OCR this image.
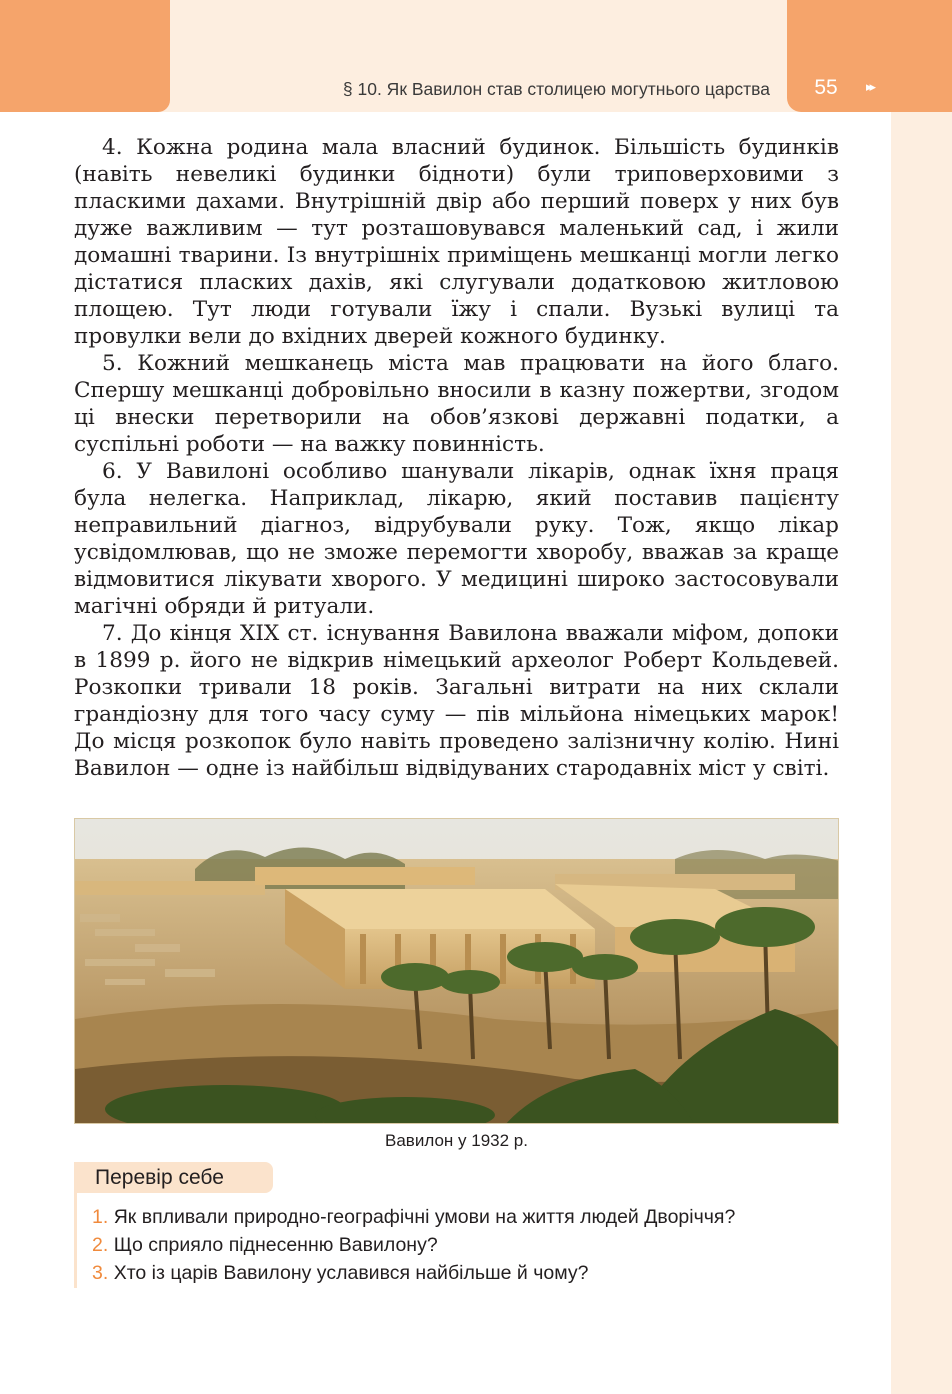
§ 10. Як Вавилон став столицею могутнього царства	55	▸▸

4. Кожна родина мала власний будинок. Більшість будинків (навіть невеликі будинки бідноти) були триповерховими з пласкими дахами. Внутрішній двір або перший поверх у них був дуже важливим — тут розташовувався маленький сад, і жили домашні тварини. Із внутрішніх приміщень мешканці могли легко дістатися пласких дахів, які слугували додатковою житловою площею. Тут люди готували їжу і спали. Вузькі вулиці та провулки вели до вхідних дверей кожного будинку.

5. Кожний мешканець міста мав працювати на його благо. Спершу мешканці добровільно вносили в казну пожертви, згодом ці внески перетворили на обов’язкові державні податки, а суспільні роботи — на важку повинність.

6. У Вавилоні особливо шанували лікарів, однак їхня праця була нелегка. Наприклад, лікарю, який поставив пацієнту неправильний діагноз, відрубували руку. Тож, якщо лікар усвідомлював, що не зможе перемогти хворобу, вважав за краще відмовитися лікувати хворого. У медицині широко застосовували магічні обряди й ритуали.

7. До кінця XIX ст. існування Вавилона вважали міфом, допоки в 1899 р. його не відкрив німецький археолог Роберт Кольдевей. Розкопки тривали 18 років. Загальні витрати на них склали грандіозну для того часу суму — пів мільйона німецьких марок! До місця розкопок було навіть проведено залізничну колію. Нині Вавилон — одне із найбільш відвідуваних стародавніх міст у світі.

Вавилон у 1932 р.
Перевір себе
1. Як впливали природно-географічні умови на життя людей Дворіччя?
2. Що сприяло піднесенню Вавилону?
3. Хто із царів Вавилону уславився найбільше й чому?
